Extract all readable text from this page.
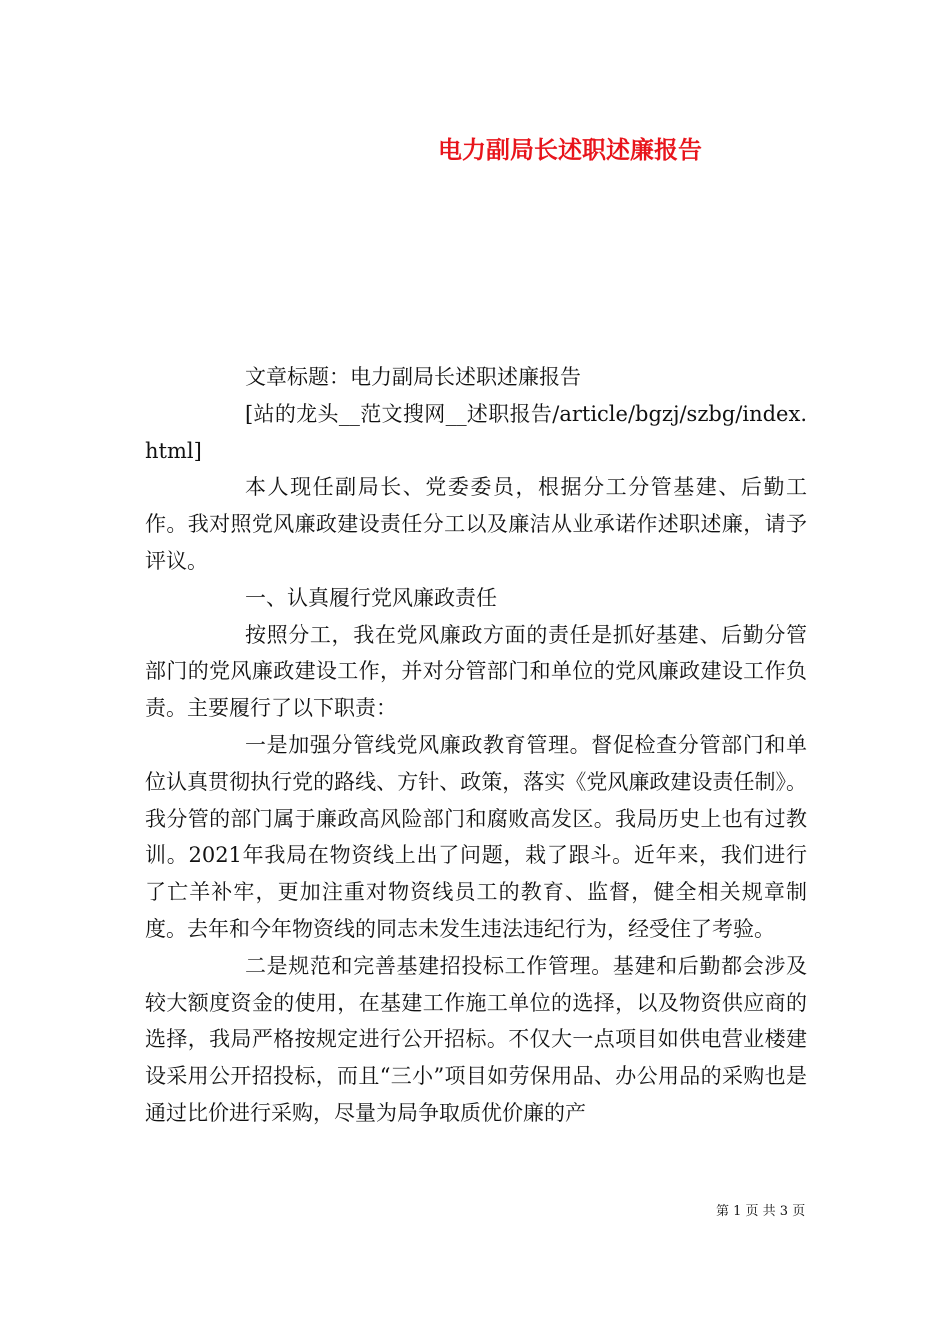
电力副局长述职述廉报告

文章标题：电力副局长述职述廉报告

[站的龙头__范文搜网__述职报告/article/bgzj/szbg/index.html]

本人现任副局长、党委委员，根据分工分管基建、后勤工作。我对照党风廉政建设责任分工以及廉洁从业承诺作述职述廉，请予评议。

一、认真履行党风廉政责任

按照分工，我在党风廉政方面的责任是抓好基建、后勤分管部门的党风廉政建设工作，并对分管部门和单位的党风廉政建设工作负责。主要履行了以下职责：

一是加强分管线党风廉政教育管理。督促检查分管部门和单位认真贯彻执行党的路线、方针、政策，落实《党风廉政建设责任制》。我分管的部门属于廉政高风险部门和腐败高发区。我局历史上也有过教训。2021年我局在物资线上出了问题，栽了跟斗。近年来，我们进行了亡羊补牢，更加注重对物资线员工的教育、监督，健全相关规章制度。去年和今年物资线的同志未发生违法违纪行为，经受住了考验。

二是规范和完善基建招投标工作管理。基建和后勤都会涉及较大额度资金的使用，在基建工作施工单位的选择，以及物资供应商的选择，我局严格按规定进行公开招标。不仅大一点项目如供电营业楼建设采用公开招投标，而且“三小”项目如劳保用品、办公用品的采购也是通过比价进行采购，尽量为局争取质优价廉的产

第 1 页 共 3 页
